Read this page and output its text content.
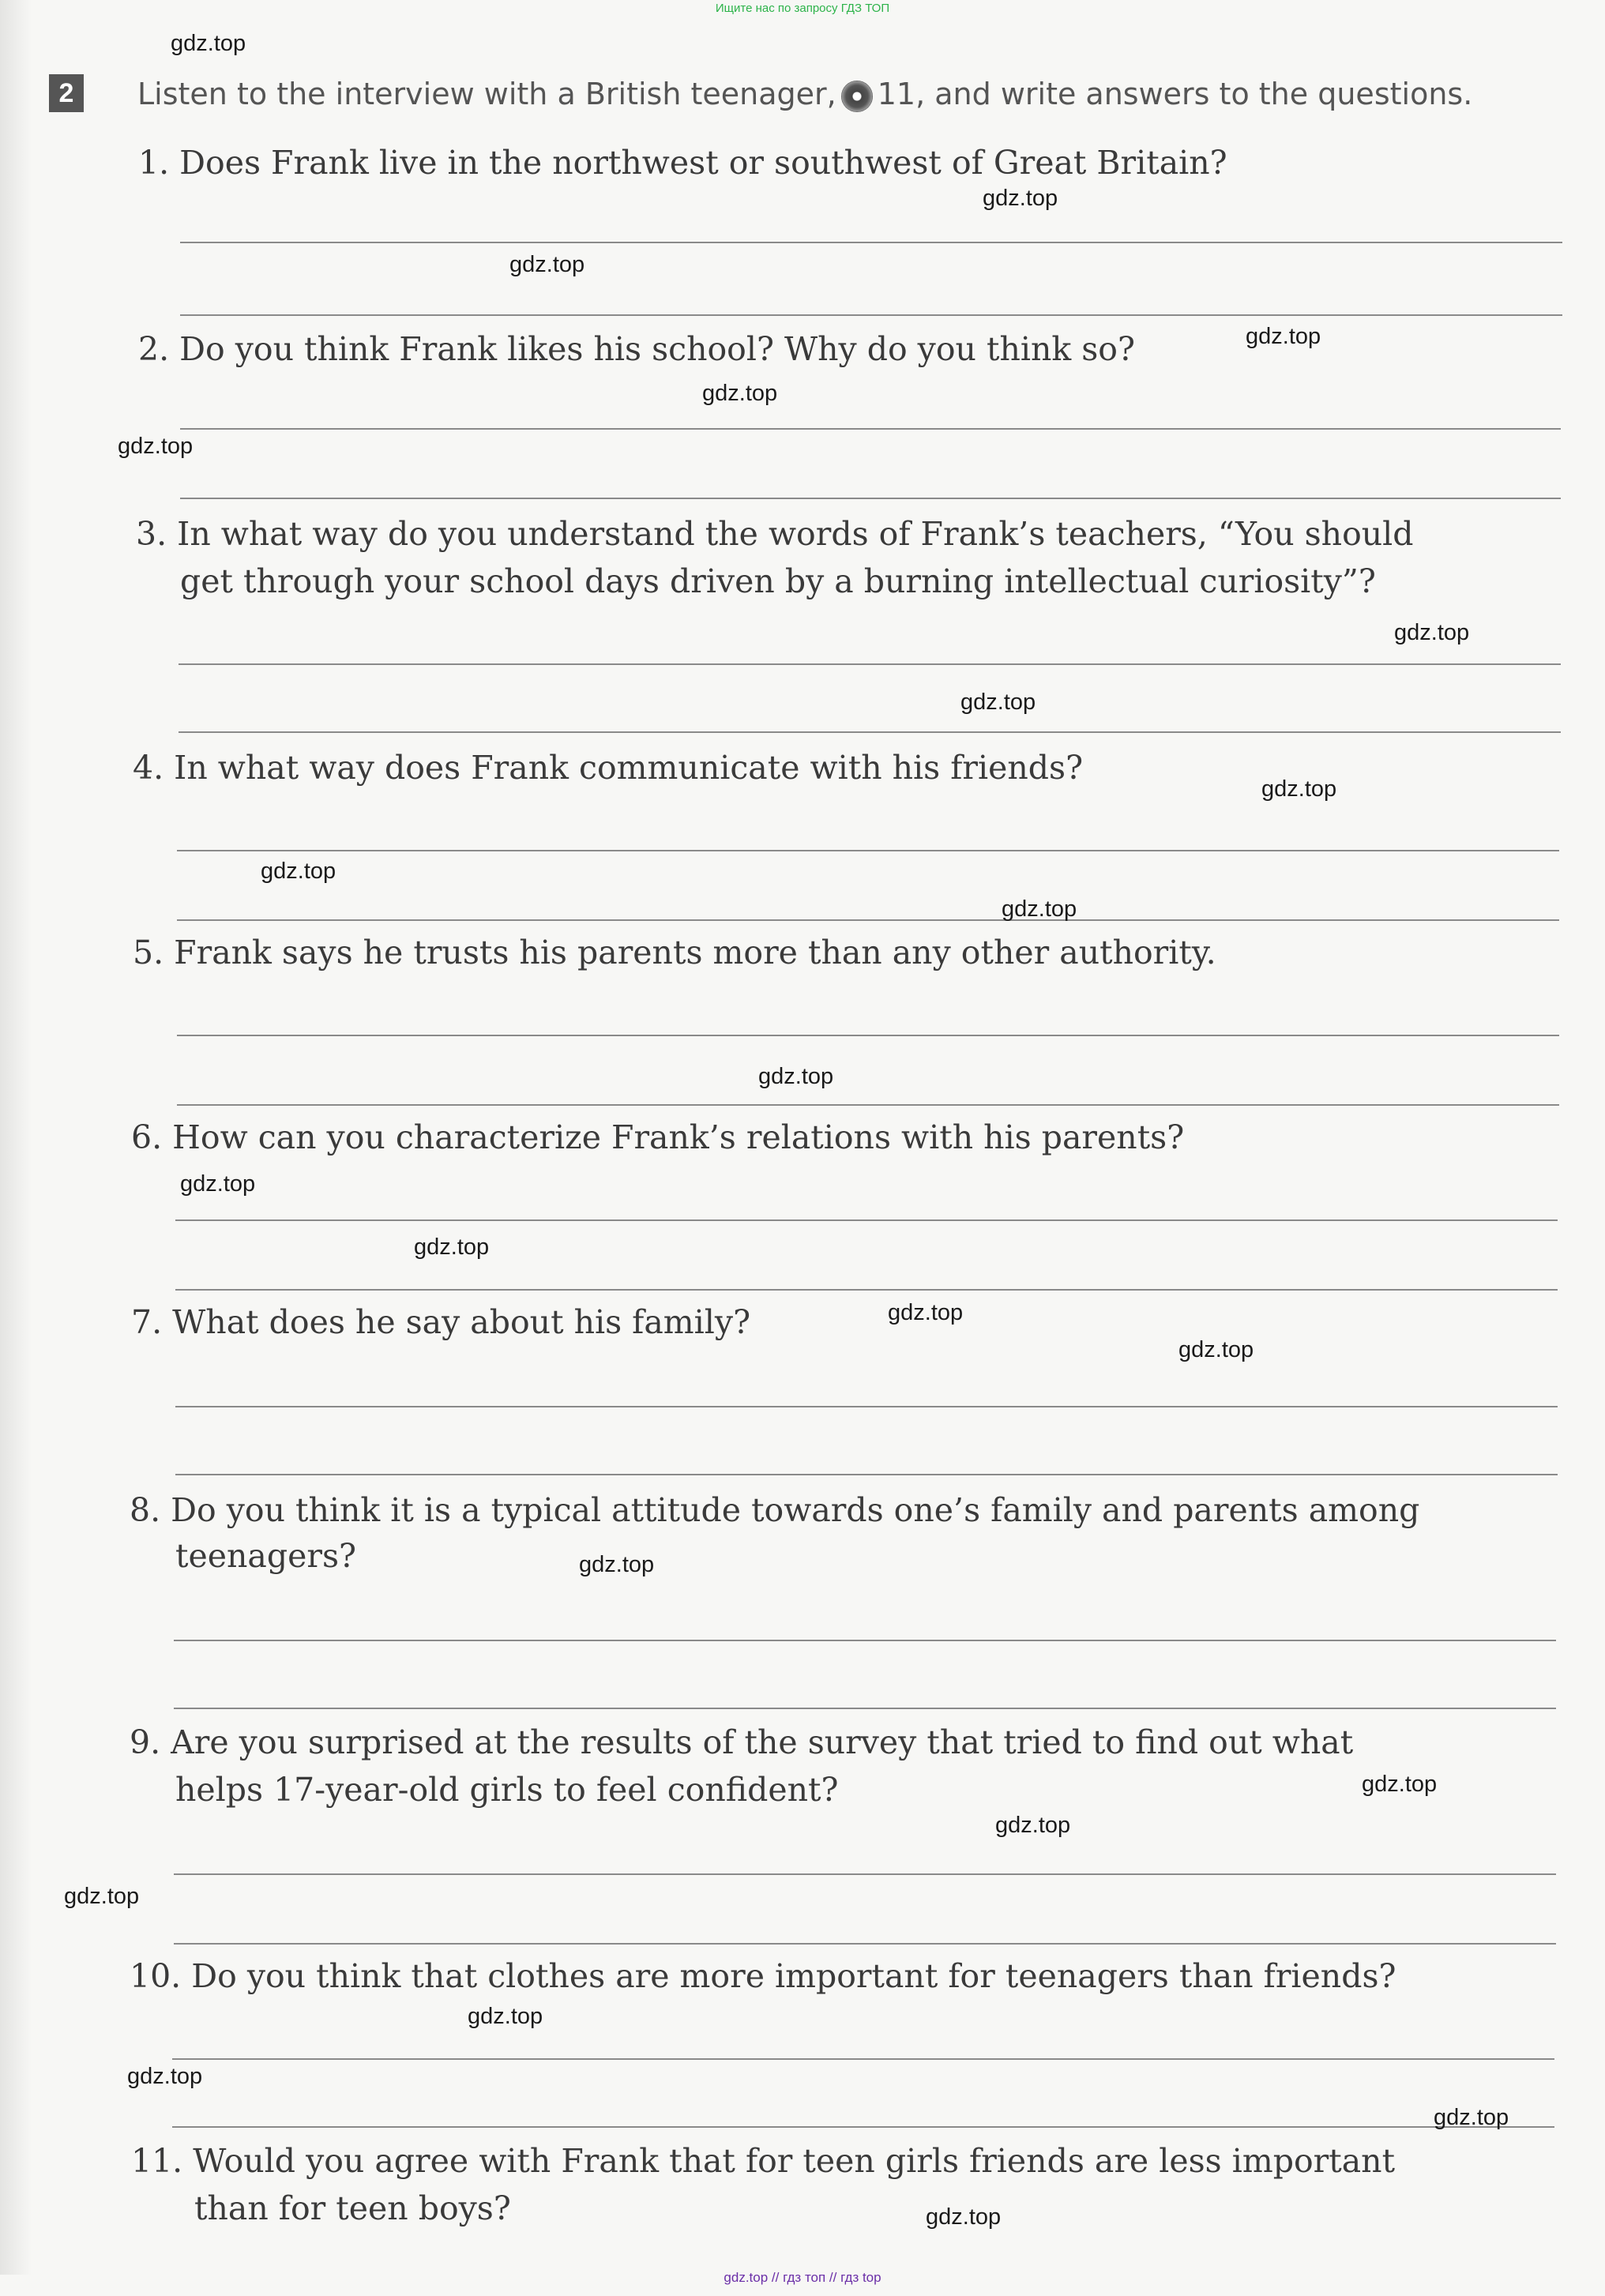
Ищите нас по запросу ГДЗ ТОП
2	Listen to the interview with a British teenager, 11, and write answers to the questions.
1. Does Frank live in the northwest or southwest of Great Britain?
2. Do you think Frank likes his school? Why do you think so?
3. In what way do you understand the words of Frank’s teachers, “You should
get through your school days driven by a burning intellectual curiosity”?
4. In what way does Frank communicate with his friends?
5. Frank says he trusts his parents more than any other authority.
6. How can you characterize Frank’s relations with his parents?
7. What does he say about his family?
8. Do you think it is a typical attitude towards one’s family and parents among
teenagers?
9. Are you surprised at the results of the survey that tried to find out what
helps 17-year-old girls to feel confident?
10. Do you think that clothes are more important for teenagers than friends?
11. Would you agree with Frank that for teen girls friends are less important
than for teen boys?
gdz.top
gdz.top
gdz.top
gdz.top
gdz.top
gdz.top
gdz.top
gdz.top
gdz.top
gdz.top
gdz.top
gdz.top
gdz.top
gdz.top
gdz.top
gdz.top
gdz.top
gdz.top
gdz.top
gdz.top
gdz.top
gdz.top
gdz.top
gdz.top
gdz.top // гдз топ // гдз top
